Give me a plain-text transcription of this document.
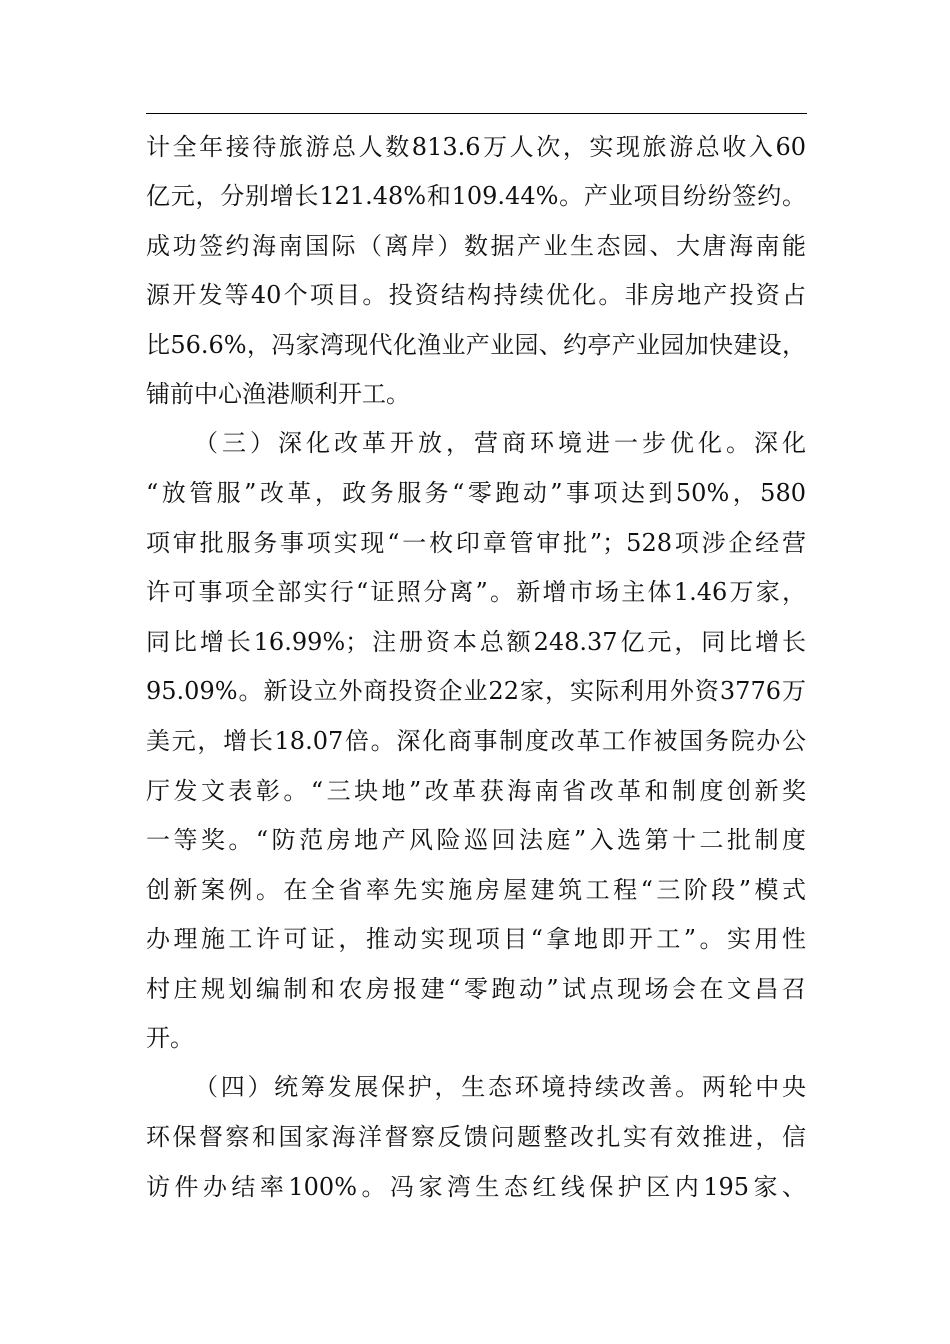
计全年接待旅游总人数813.6万人次，实现旅游总收入60
亿元，分别增长121.48%和109.44%。产业项目纷纷签约。
成功签约海南国际（离岸）数据产业生态园、大唐海南能
源开发等40个项目。投资结构持续优化。非房地产投资占
比56.6%，冯家湾现代化渔业产业园、约亭产业园加快建设，
铺前中心渔港顺利开工。
（三）深化改革开放，营商环境进一步优化。深化
“放管服”改革，政务服务“零跑动”事项达到50%，580
项审批服务事项实现“一枚印章管审批”；528项涉企经营
许可事项全部实行“证照分离”。新增市场主体1.46万家，
同比增长16.99%；注册资本总额248.37亿元，同比增长
95.09%。新设立外商投资企业22家，实际利用外资3776万
美元，增长18.07倍。深化商事制度改革工作被国务院办公
厅发文表彰。“三块地”改革获海南省改革和制度创新奖
一等奖。“防范房地产风险巡回法庭”入选第十二批制度
创新案例。在全省率先实施房屋建筑工程“三阶段”模式
办理施工许可证，推动实现项目“拿地即开工”。实用性
村庄规划编制和农房报建“零跑动”试点现场会在文昌召
开。
（四）统筹发展保护，生态环境持续改善。两轮中央
环保督察和国家海洋督察反馈问题整改扎实有效推进，信
访件办结率100%。冯家湾生态红线保护区内195家、
